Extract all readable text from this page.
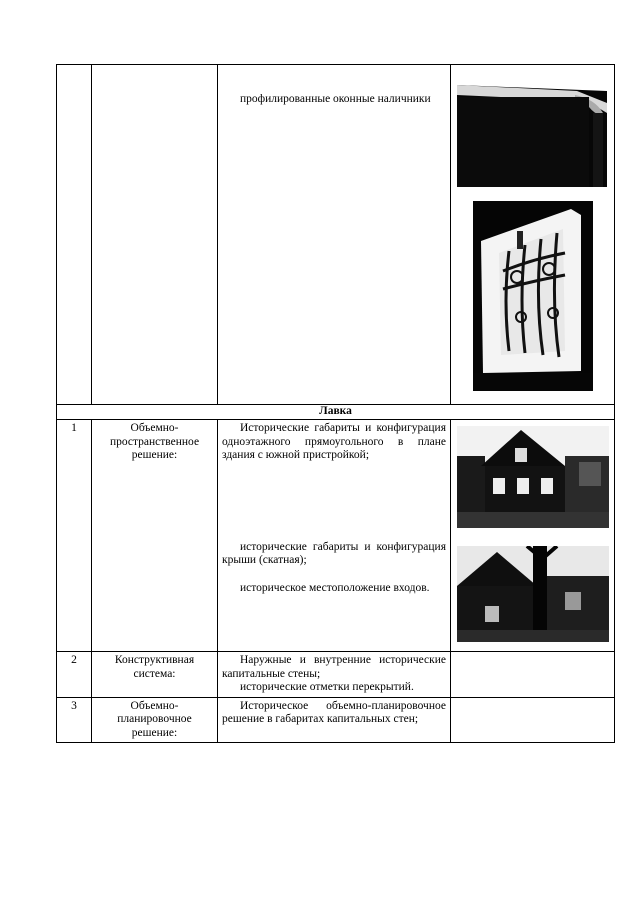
		профилированные оконные наличники

Лавка			
1	Объемно-пространственное решение:	Исторические габариты и конфигурация одноэтажного прямоугольного в плане здания с южной пристройкой;

исторические габариты и конфигурация крыши (скатная);

историческое местоположение входов.

2	Конструктивная система:	Наружные и внутренние исторические капитальные стены;

исторические отметки перекрытий.	

3	Объемно-планировочное решение:	Историческое объемно-планировочное решение в габаритах капитальных стен;	
